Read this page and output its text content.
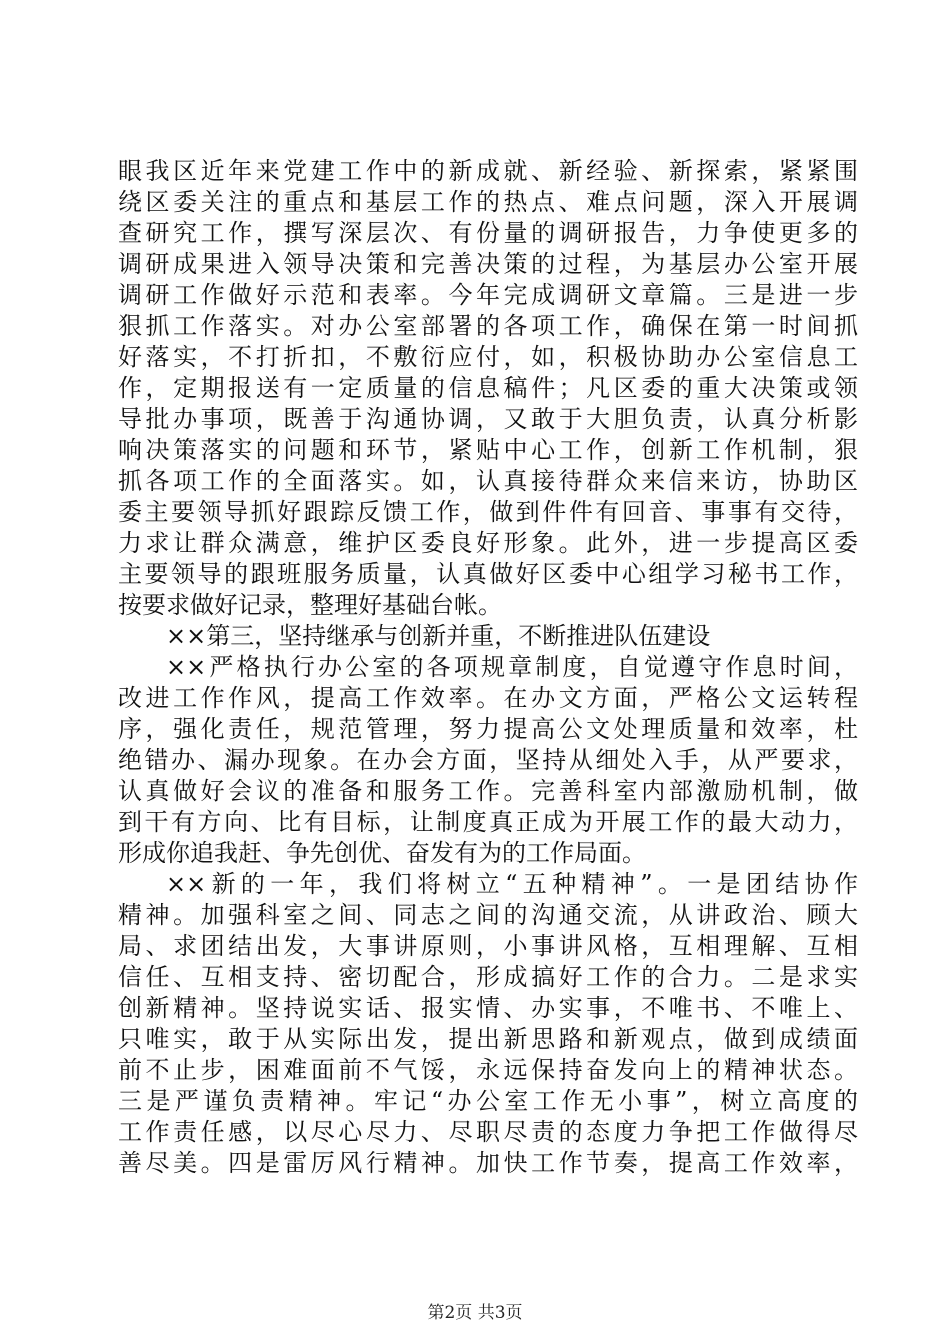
眼我区近年来党建工作中的新成就、新经验、新探索，紧紧围
绕区委关注的重点和基层工作的热点、难点问题，深入开展调
查研究工作，撰写深层次、有份量的调研报告，力争使更多的
调研成果进入领导决策和完善决策的过程，为基层办公室开展
调研工作做好示范和表率。今年完成调研文章篇。三是进一步
狠抓工作落实。对办公室部署的各项工作，确保在第一时间抓
好落实，不打折扣，不敷衍应付，如，积极协助办公室信息工
作，定期报送有一定质量的信息稿件；凡区委的重大决策或领
导批办事项，既善于沟通协调，又敢于大胆负责，认真分析影
响决策落实的问题和环节，紧贴中心工作，创新工作机制，狠
抓各项工作的全面落实。如，认真接待群众来信来访，协助区
委主要领导抓好跟踪反馈工作，做到件件有回音、事事有交待，
力求让群众满意，维护区委良好形象。此外，进一步提高区委
主要领导的跟班服务质量，认真做好区委中心组学习秘书工作，
按要求做好记录，整理好基础台帐。
××第三，坚持继承与创新并重，不断推进队伍建设
××严格执行办公室的各项规章制度，自觉遵守作息时间，
改进工作作风，提高工作效率。在办文方面，严格公文运转程
序，强化责任，规范管理，努力提高公文处理质量和效率，杜
绝错办、漏办现象。在办会方面，坚持从细处入手，从严要求，
认真做好会议的准备和服务工作。完善科室内部激励机制，做
到干有方向、比有目标，让制度真正成为开展工作的最大动力，
形成你追我赶、争先创优、奋发有为的工作局面。
××新的一年，我们将树立“五种精神”。一是团结协作
精神。加强科室之间、同志之间的沟通交流，从讲政治、顾大
局、求团结出发，大事讲原则，小事讲风格，互相理解、互相
信任、互相支持、密切配合，形成搞好工作的合力。二是求实
创新精神。坚持说实话、报实情、办实事，不唯书、不唯上、
只唯实，敢于从实际出发，提出新思路和新观点，做到成绩面
前不止步，困难面前不气馁，永远保持奋发向上的精神状态。
三是严谨负责精神。牢记“办公室工作无小事”，树立高度的
工作责任感，以尽心尽力、尽职尽责的态度力争把工作做得尽
善尽美。四是雷厉风行精神。加快工作节奏，提高工作效率，
第2页 共3页
